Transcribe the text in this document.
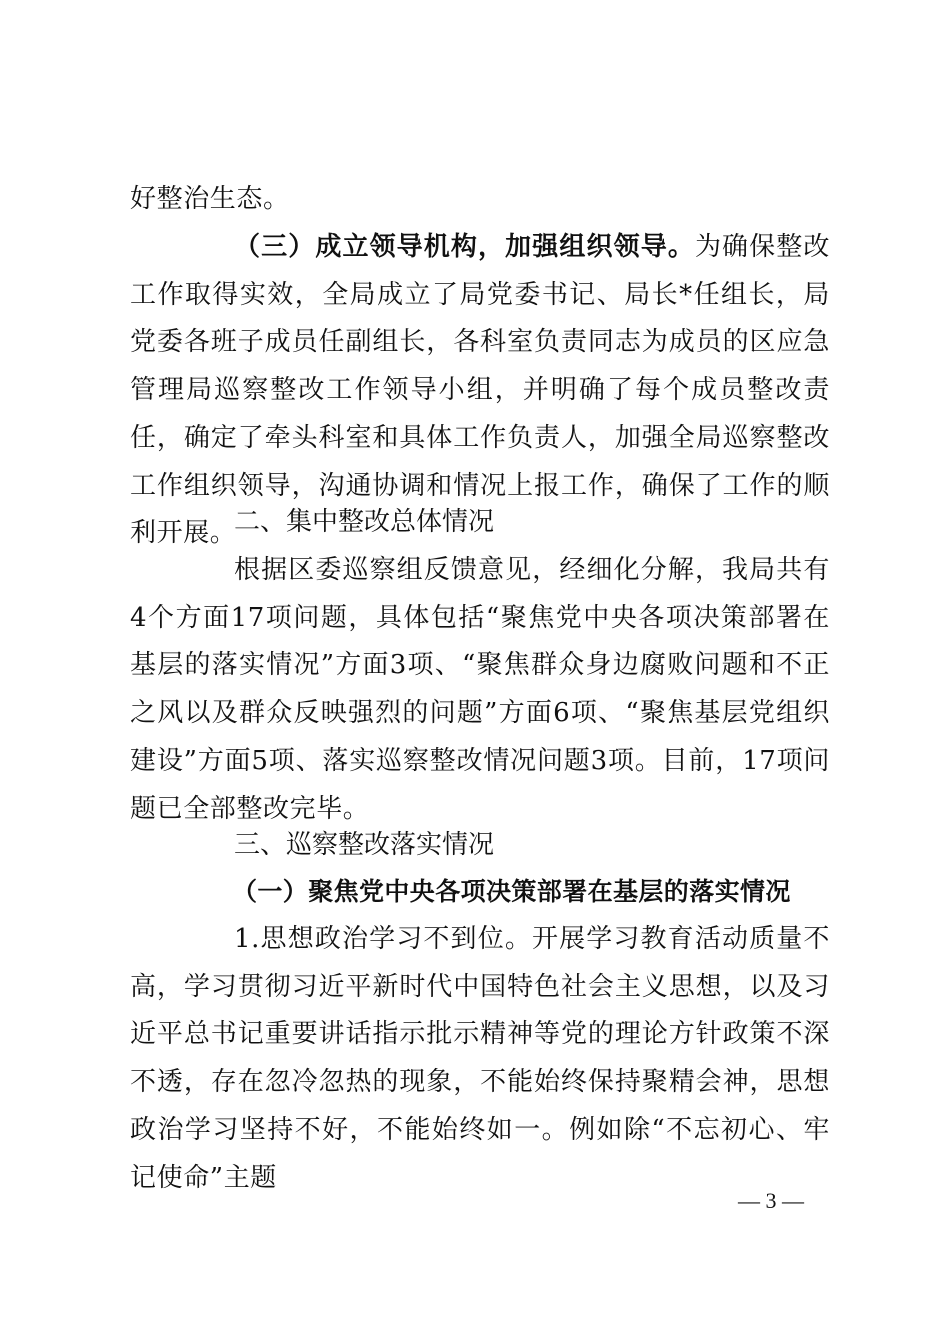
好整治生态。
（三）成立领导机构，加强组织领导。为确保整改工作取得实效，全局成立了局党委书记、局长*任组长，局党委各班子成员任副组长，各科室负责同志为成员的区应急管理局巡察整改工作领导小组，并明确了每个成员整改责任，确定了牵头科室和具体工作负责人，加强全局巡察整改工作组织领导，沟通协调和情况上报工作，确保了工作的顺利开展。
二、集中整改总体情况
根据区委巡察组反馈意见，经细化分解，我局共有 4个方面17项问题，具体包括“聚焦党中央各项决策部署在基层的落实情况”方面3项、“聚焦群众身边腐败问题和不正之风以及群众反映强烈的问题”方面6项、“聚焦基层党组织建设”方面5项、落实巡察整改情况问题3项。目前，17项问题已全部整改完毕。
三、巡察整改落实情况
（一）聚焦党中央各项决策部署在基层的落实情况
1.思想政治学习不到位。开展学习教育活动质量不高，学习贯彻习近平新时代中国特色社会主义思想，以及习近平总书记重要讲话指示批示精神等党的理论方针政策不深不透，存在忽冷忽热的现象，不能始终保持聚精会神，思想政治学习坚持不好，不能始终如一。例如除“不忘初心、牢记使命”主题
— 3 —
